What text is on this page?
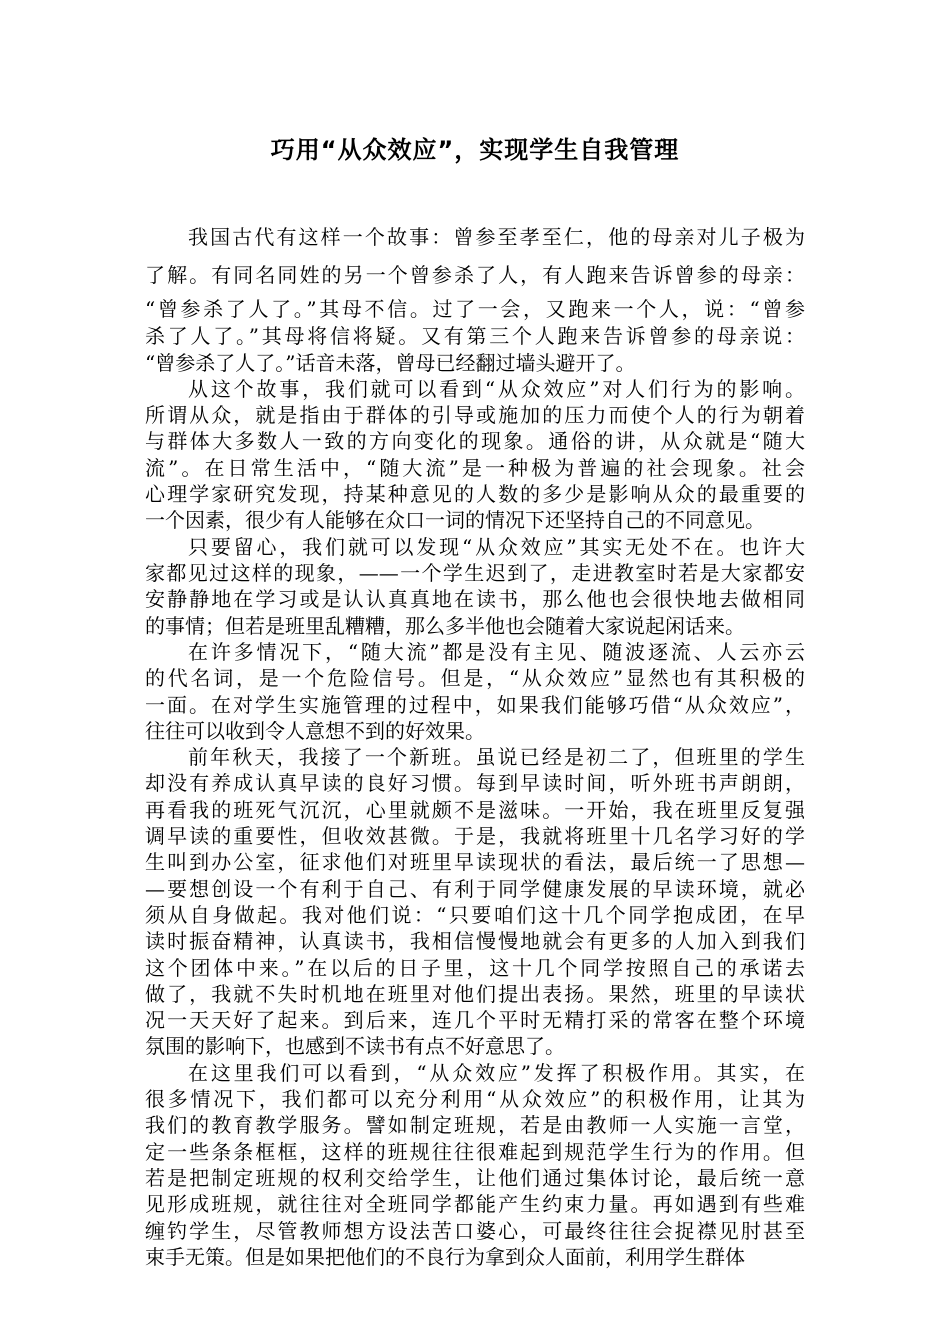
巧用“从众效应”，实现学生自我管理
我国古代有这样一个故事：曾参至孝至仁，他的母亲对儿子极为
了解。有同名同姓的另一个曾参杀了人，有人跑来告诉曾参的母亲：
“曾参杀了人了。”其母不信。过了一会，又跑来一个人，说：“曾参
杀了人了。”其母将信将疑。又有第三个人跑来告诉曾参的母亲说：
“曾参杀了人了。”话音未落，曾母已经翻过墙头避开了。
从这个故事，我们就可以看到“从众效应”对人们行为的影响。
所谓从众，就是指由于群体的引导或施加的压力而使个人的行为朝着
与群体大多数人一致的方向变化的现象。通俗的讲，从众就是“随大
流”。在日常生活中，“随大流”是一种极为普遍的社会现象。社会
心理学家研究发现，持某种意见的人数的多少是影响从众的最重要的
一个因素，很少有人能够在众口一词的情况下还坚持自己的不同意见。
只要留心，我们就可以发现“从众效应”其实无处不在。也许大
家都见过这样的现象，——一个学生迟到了，走进教室时若是大家都安
安静静地在学习或是认认真真地在读书，那么他也会很快地去做相同
的事情；但若是班里乱糟糟，那么多半他也会随着大家说起闲话来。
在许多情况下，“随大流”都是没有主见、随波逐流、人云亦云
的代名词，是一个危险信号。但是，“从众效应”显然也有其积极的
一面。在对学生实施管理的过程中，如果我们能够巧借“从众效应”，
往往可以收到令人意想不到的好效果。
前年秋天，我接了一个新班。虽说已经是初二了，但班里的学生
却没有养成认真早读的良好习惯。每到早读时间，听外班书声朗朗，
再看我的班死气沉沉，心里就颇不是滋味。一开始，我在班里反复强
调早读的重要性，但收效甚微。于是，我就将班里十几名学习好的学
生叫到办公室，征求他们对班里早读现状的看法，最后统一了思想—
—要想创设一个有利于自己、有利于同学健康发展的早读环境，就必
须从自身做起。我对他们说：“只要咱们这十几个同学抱成团，在早
读时振奋精神，认真读书，我相信慢慢地就会有更多的人加入到我们
这个团体中来。”在以后的日子里，这十几个同学按照自己的承诺去
做了，我就不失时机地在班里对他们提出表扬。果然，班里的早读状
况一天天好了起来。到后来，连几个平时无精打采的常客在整个环境
氛围的影响下，也感到不读书有点不好意思了。
在这里我们可以看到，“从众效应”发挥了积极作用。其实，在
很多情况下，我们都可以充分利用“从众效应”的积极作用，让其为
我们的教育教学服务。譬如制定班规，若是由教师一人实施一言堂，
定一些条条框框，这样的班规往往很难起到规范学生行为的作用。但
若是把制定班规的权利交给学生，让他们通过集体讨论，最后统一意
见形成班规，就往往对全班同学都能产生约束力量。再如遇到有些难
缠钓学生，尽管教师想方设法苦口婆心，可最终往往会捉襟见肘甚至
束手无策。但是如果把他们的不良行为拿到众人面前，利用学生群体
